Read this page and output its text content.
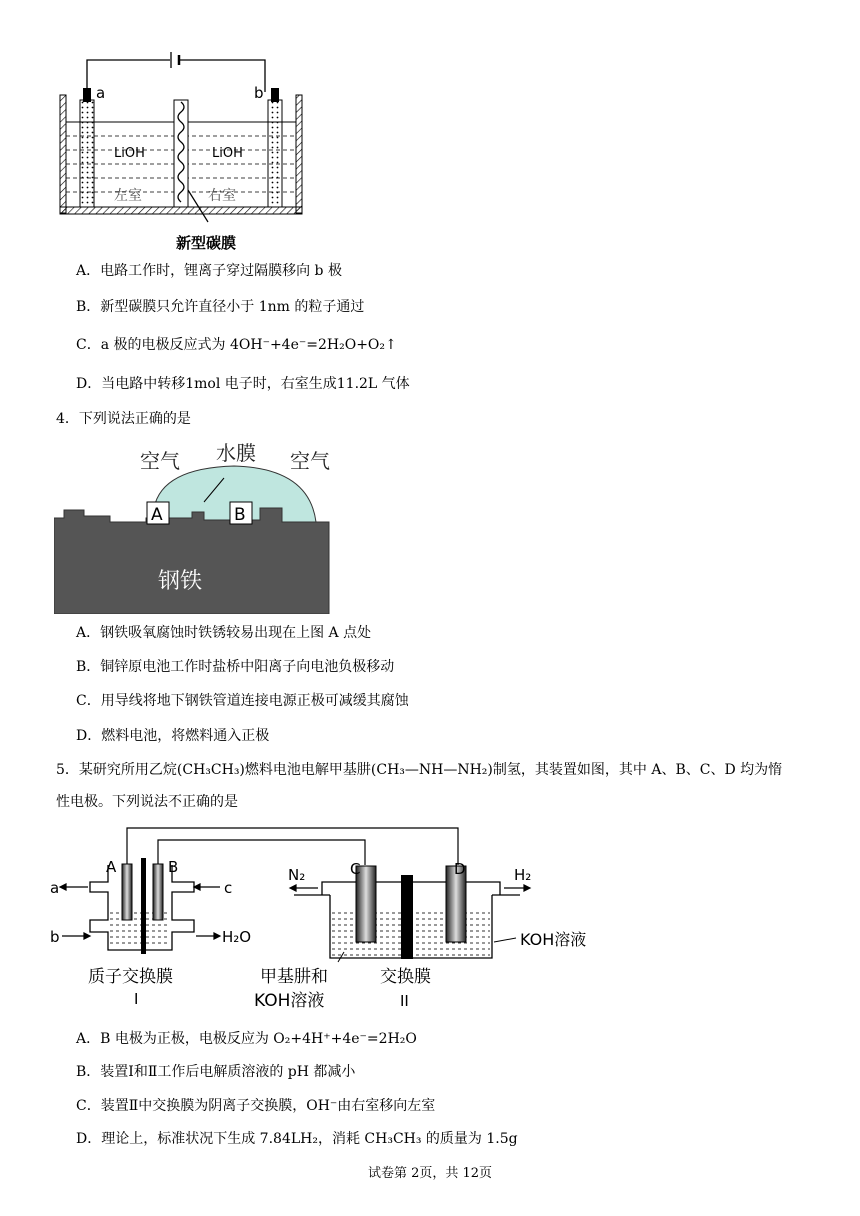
a	b
LiOH	LiOH
左室	右室
新型碳膜
A．电路工作时，锂离子穿过隔膜移向 b 极
B．新型碳膜只允许直径小于 1nm 的粒子通过
C．a 极的电极反应式为 4OH⁻+4e⁻=2H₂O+O₂↑
D．当电路中转移1mol 电子时，右室生成11.2L 气体
4．下列说法正确的是
空气 水膜 空气
A	B
钢铁
A．钢铁吸氧腐蚀时铁锈较易出现在上图 A 点处
B．铜锌原电池工作时盐桥中阳离子向电池负极移动
C．用导线将地下钢铁管道连接电源正极可减缓其腐蚀
D．燃料电池，将燃料通入正极
5．某研究所用乙烷(CH₃CH₃)燃料电池电解甲基肼(CH₃—NH—NH₂)制氢，其装置如图，其中 A、B、C、D 均为惰
性电极。下列说法不正确的是
A	B	C	D
a
b
c
H₂O
N₂	H₂
KOH溶液
质子交换膜
I
甲基肼和
KOH溶液
交换膜
II
A．B 电极为正极，电极反应为 O₂+4H⁺+4e⁻=2H₂O
B．装置Ⅰ和Ⅱ工作后电解质溶液的 pH 都减小
C．装置Ⅱ中交换膜为阴离子交换膜，OH⁻由右室移向左室
D．理论上，标准状况下生成 7.84LH₂，消耗 CH₃CH₃ 的质量为 1.5g
试卷第 2页，共 12页
